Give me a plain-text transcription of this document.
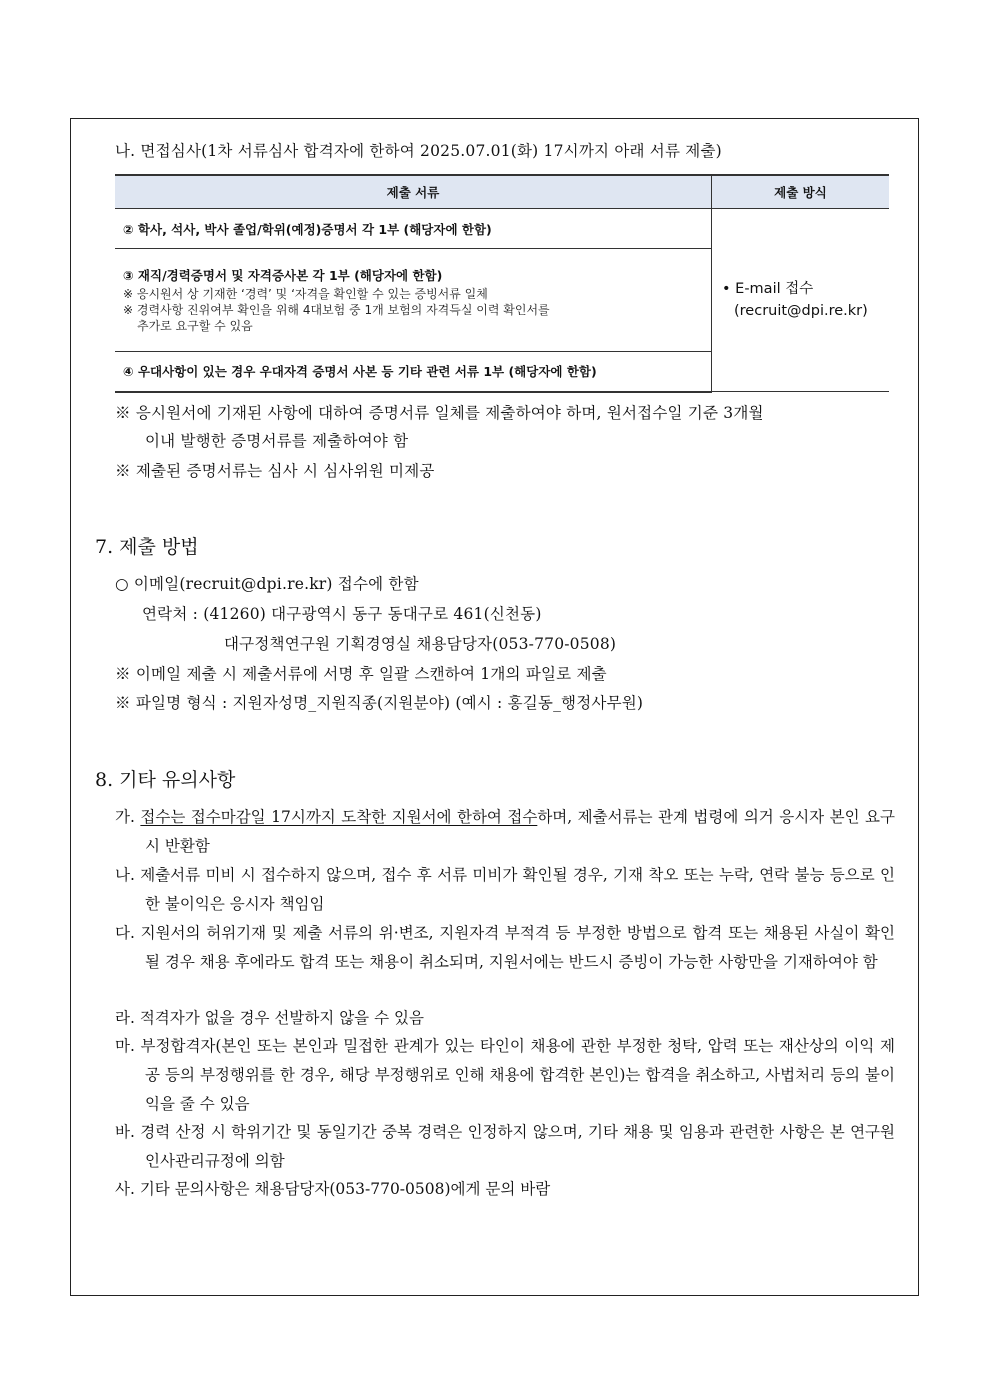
나. 면접심사(1차 서류심사 합격자에 한하여 2025.07.01(화) 17시까지 아래 서류 제출)
제출 서류	제출 방식
② 학사, 석사, 박사 졸업/학위(예정)증명서 각 1부 (해당자에 한함)	• E-mail 접수
(recruit@dpi.re.kr)

③ 재직/경력증명서 및 자격증사본 각 1부 (해당자에 한함)
※ 응시원서 상 기재한 ‘경력’ 및 ‘자격을 확인할 수 있는 증빙서류 일체
※ 경력사항 진위여부 확인을 위해 4대보험 중 1개 보험의 자격득실 이력 확인서를
추가로 요구할 수 있음	

④ 우대사항이 있는 경우 우대자격 증명서 사본 등 기타 관련 서류 1부 (해당자에 한함)	
※ 응시원서에 기재된 사항에 대하여 증명서류 일체를 제출하여야 하며, 원서접수일 기준 3개월
이내 발행한 증명서류를 제출하여야 함
※ 제출된 증명서류는 심사 시 심사위원 미제공
7. 제출 방법
○ 이메일(recruit@dpi.re.kr) 접수에 한함
연락처 : (41260) 대구광역시 동구 동대구로 461(신천동)
대구정책연구원 기획경영실 채용담당자(053-770-0508)
※ 이메일 제출 시 제출서류에 서명 후 일괄 스캔하여 1개의 파일로 제출
※ 파일명 형식 : 지원자성명_지원직종(지원분야) (예시 : 홍길동_행정사무원)
8. 기타 유의사항
가. 접수는 접수마감일 17시까지 도착한 지원서에 한하여 접수하며, 제출서류는 관계 법령에 의거 응시자 본인 요구 시 반환함
나. 제출서류 미비 시 접수하지 않으며, 접수 후 서류 미비가 확인될 경우, 기재 착오 또는 누락, 연락 불능 등으로 인한 불이익은 응시자 책임임
다. 지원서의 허위기재 및 제출 서류의 위·변조, 지원자격 부적격 등 부정한 방법으로 합격 또는 채용된 사실이 확인될 경우 채용 후에라도 합격 또는 채용이 취소되며, 지원서에는 반드시 증빙이 가능한 사항만을 기재하여야 함
라. 적격자가 없을 경우 선발하지 않을 수 있음
마. 부정합격자(본인 또는 본인과 밀접한 관계가 있는 타인이 채용에 관한 부정한 청탁, 압력 또는 재산상의 이익 제공 등의 부정행위를 한 경우, 해당 부정행위로 인해 채용에 합격한 본인)는 합격을 취소하고, 사법처리 등의 불이익을 줄 수 있음
바. 경력 산정 시 학위기간 및 동일기간 중복 경력은 인정하지 않으며, 기타 채용 및 임용과 관련한 사항은 본 연구원 인사관리규정에 의함
사. 기타 문의사항은 채용담당자(053-770-0508)에게 문의 바람
